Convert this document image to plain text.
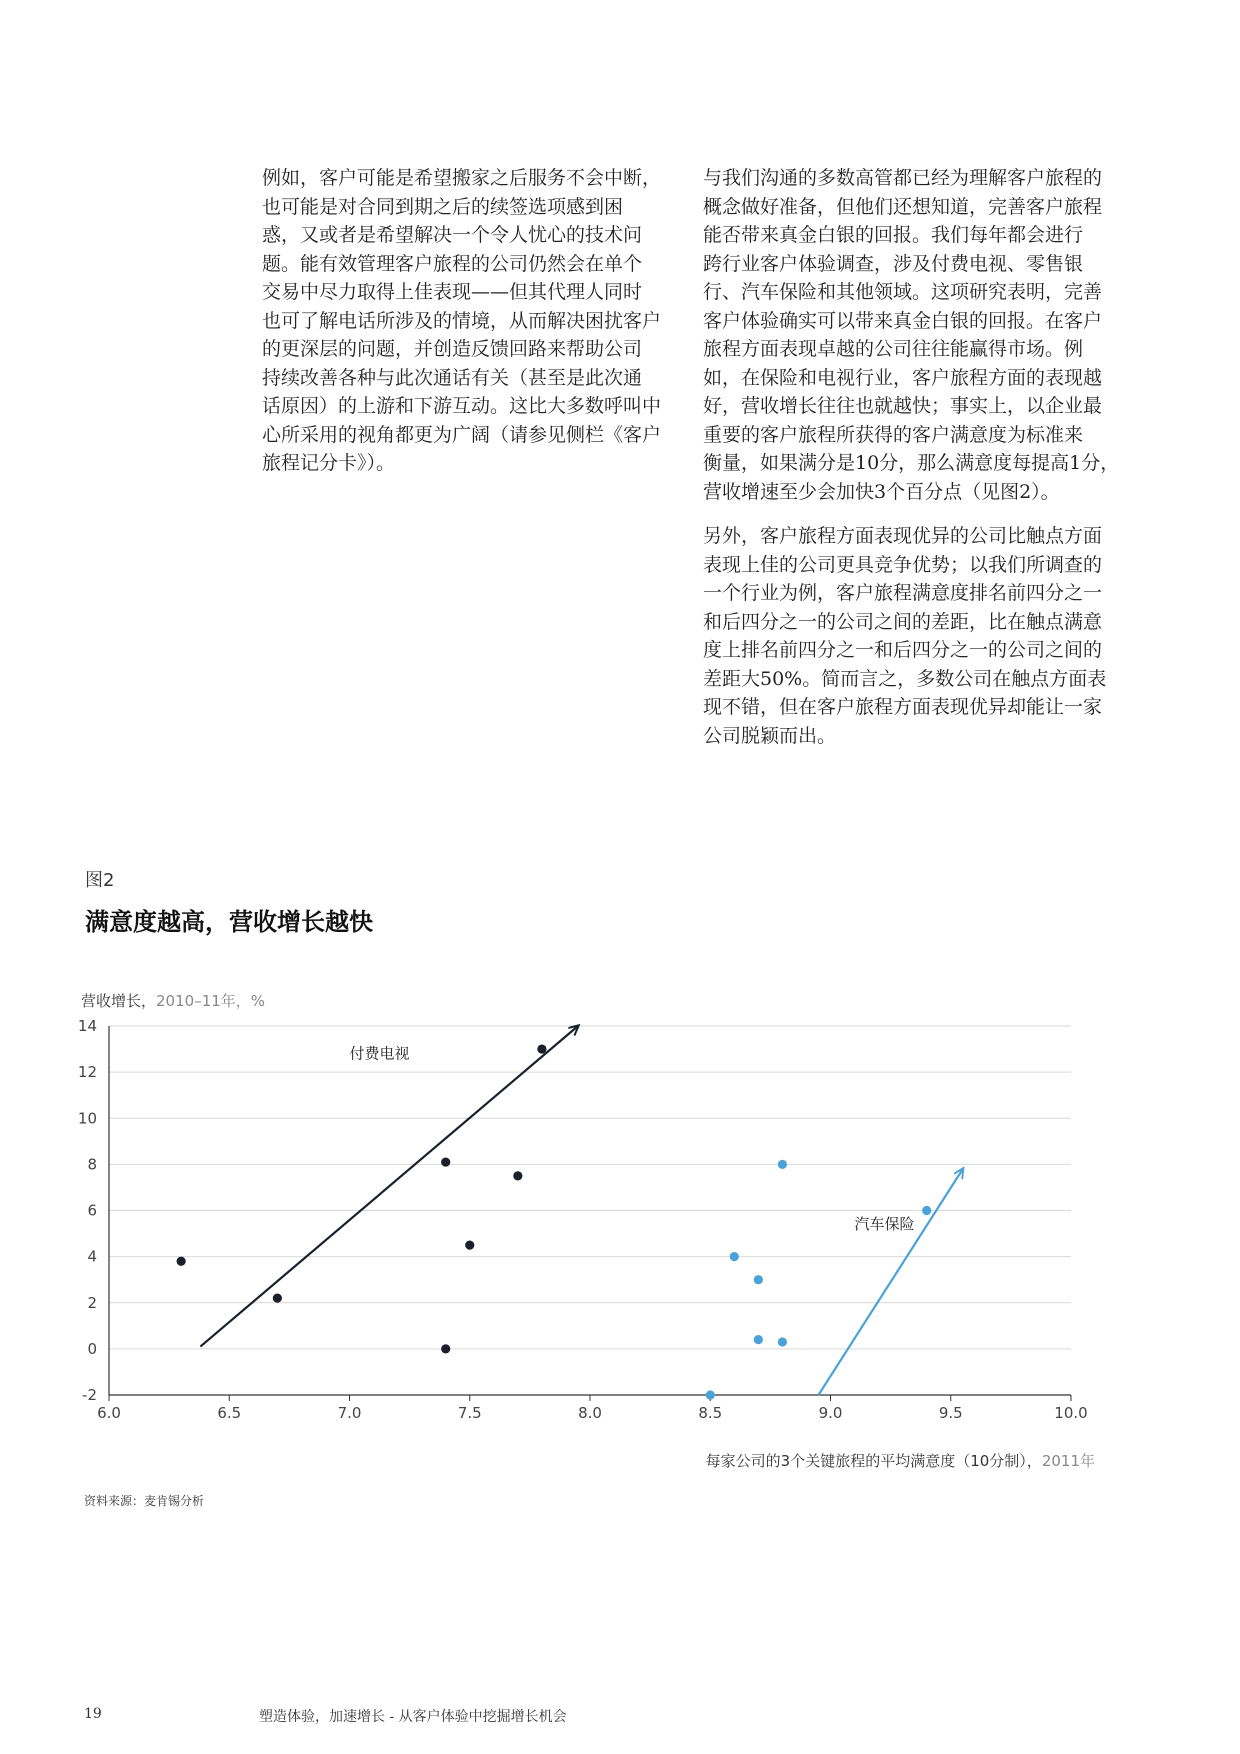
例如，客户可能是希望搬家之后服务不会中断，
也可能是对合同到期之后的续签选项感到困
惑，又或者是希望解决一个令人忧心的技术问
题。能有效管理客户旅程的公司仍然会在单个
交易中尽力取得上佳表现——但其代理人同时
也可了解电话所涉及的情境，从而解决困扰客户
的更深层的问题，并创造反馈回路来帮助公司
持续改善各种与此次通话有关（甚至是此次通
话原因）的上游和下游互动。这比大多数呼叫中
心所采用的视角都更为广阔（请参见侧栏《客户
旅程记分卡》）。

与我们沟通的多数高管都已经为理解客户旅程的
概念做好准备，但他们还想知道，完善客户旅程
能否带来真金白银的回报。我们每年都会进行
跨行业客户体验调查，涉及付费电视、零售银
行、汽车保险和其他领域。这项研究表明，完善
客户体验确实可以带来真金白银的回报。在客户
旅程方面表现卓越的公司往往能赢得市场。例
如，在保险和电视行业，客户旅程方面的表现越
好，营收增长往往也就越快；事实上，以企业最
重要的客户旅程所获得的客户满意度为标准来
衡量，如果满分是10分，那么满意度每提高1分，
营收增速至少会加快3个百分点（见图2）。

另外，客户旅程方面表现优异的公司比触点方面
表现上佳的公司更具竞争优势；以我们所调查的
一个行业为例，客户旅程满意度排名前四分之一
和后四分之一的公司之间的差距，比在触点满意
度上排名前四分之一和后四分之一的公司之间的
差距大50%。简而言之，多数公司在触点方面表
现不错，但在客户旅程方面表现优异却能让一家
公司脱颖而出。

图2
满意度越高，营收增长越快
营收增长，2010–11年，%
-2
0
2
4
6
8
10
12
14
6.0	6.5	7.0	7.5	8.0	8.5	9.0	9.5	10.0
付费电视
汽车保险
每家公司的3个关键旅程的平均满意度（10分制），2011年
资料来源：麦肯锡分析
19	塑造体验，加速增长 - 从客户体验中挖掘增长机会
